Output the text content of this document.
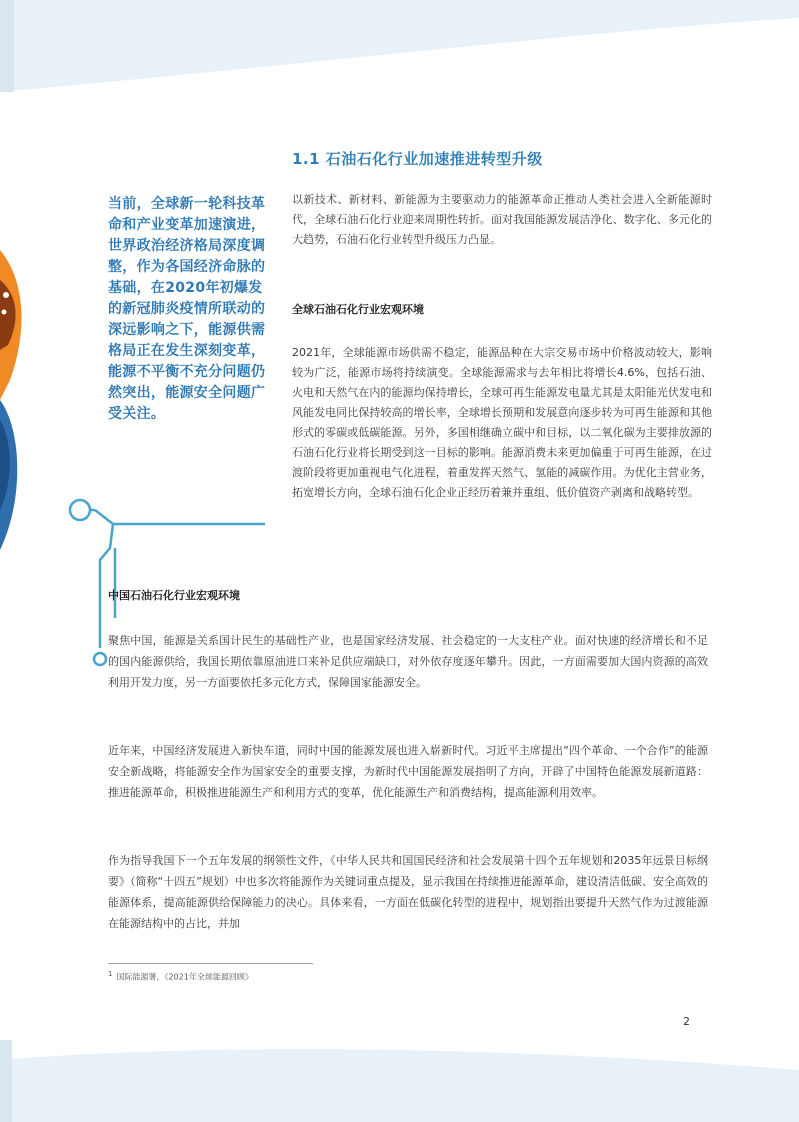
1.1 石油石化行业加速推进转型升级
当前，全球新一轮科技革命和产业变革加速演进，世界政治经济格局深度调整，作为各国经济命脉的基础，在2020年初爆发的新冠肺炎疫情所联动的深远影响之下，能源供需格局正在发生深刻变革，能源不平衡不充分问题仍然突出，能源安全问题广受关注。
以新技术、新材料、新能源为主要驱动力的能源革命正推动人类社会进入全新能源时代，全球石油石化行业迎来周期性转折。面对我国能源发展洁净化、数字化、多元化的大趋势，石油石化行业转型升级压力凸显。
全球石油石化行业宏观环境
2021年，全球能源市场供需不稳定，能源品种在大宗交易市场中价格波动较大，影响较为广泛，能源市场将持续演变。全球能源需求与去年相比将增长4.6%，包括石油、火电和天然气在内的能源均保持增长，全球可再生能源发电量尤其是太阳能光伏发电和风能发电同比保持较高的增长率，全球增长预期和发展意向逐步转为可再生能源和其他形式的零碳或低碳能源。另外，多国相继确立碳中和目标，以二氧化碳为主要排放源的石油石化行业将长期受到这一目标的影响。能源消费未来更加偏重于可再生能源，在过渡阶段将更加重视电气化进程，着重发挥天然气、氢能的减碳作用。为优化主营业务，拓宽增长方向，全球石油石化企业正经历着兼并重组、低价值资产剥离和战略转型。
中国石油石化行业宏观环境
聚焦中国，能源是关系国计民生的基础性产业，也是国家经济发展、社会稳定的一大支柱产业。面对快速的经济增长和不足的国内能源供给，我国长期依靠原油进口来补足供应端缺口，对外依存度逐年攀升。因此，一方面需要加大国内资源的高效利用开发力度，另一方面要依托多元化方式，保障国家能源安全。
近年来，中国经济发展进入新快车道，同时中国的能源发展也进入崭新时代。习近平主席提出“四个革命、一个合作”的能源安全新战略，将能源安全作为国家安全的重要支撑，为新时代中国能源发展指明了方向，开辟了中国特色能源发展新道路：推进能源革命，积极推进能源生产和利用方式的变革，优化能源生产和消费结构，提高能源利用效率。
作为指导我国下一个五年发展的纲领性文件，《中华人民共和国国民经济和社会发展第十四个五年规划和2035年远景目标纲要》（简称“十四五”规划）中也多次将能源作为关键词重点提及，显示我国在持续推进能源革命，建设清洁低碳、安全高效的能源体系，提高能源供给保障能力的决心。具体来看，一方面在低碳化转型的进程中，规划指出要提升天然气作为过渡能源在能源结构中的占比，并加
$^1$ 国际能源署，《2021年全球能源回顾》
2
